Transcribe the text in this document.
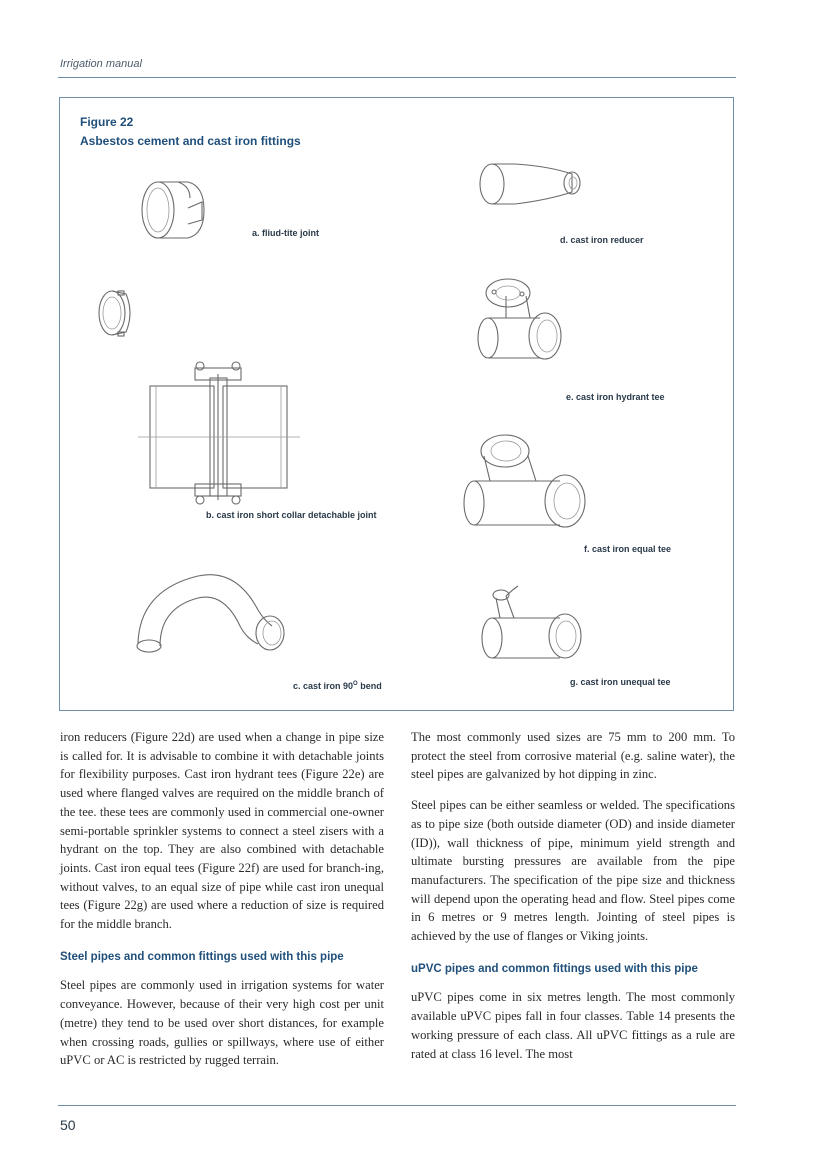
Irrigation manual
Figure 22
Asbestos cement and cast iron fittings
a. fliud-tite joint
b. cast iron short collar detachable joint
c. cast iron $90^O$ bend
d. cast iron reducer
e. cast iron hydrant tee
f. cast iron equal tee
g. cast iron unequal tee

iron reducers (Figure 22d) are used when a change in pipe size is called for. It is advisable to combine it with detachable joints for flexibility purposes. Cast iron hydrant tees (Figure 22e) are used where flanged valves are required on the middle branch of the tee. these tees are commonly used in commercial one-owner semi-portable sprinkler systems to connect a steel zisers with a hydrant on the top. They are also combined with detachable joints. Cast iron equal tees (Figure 22f) are used for branch-ing, without valves, to an equal size of pipe while cast iron unequal tees (Figure 22g) are used where a reduction of size is required for the middle branch.

Steel pipes and common fittings used with this pipe

Steel pipes are commonly used in irrigation systems for water conveyance. However, because of their very high cost per unit (metre) they tend to be used over short distances, for example when crossing roads, gullies or spillways, where use of either uPVC or AC is restricted by rugged terrain.

The most commonly used sizes are 75 mm to 200 mm. To protect the steel from corrosive material (e.g. saline water), the steel pipes are galvanized by hot dipping in zinc.

Steel pipes can be either seamless or welded. The specifications as to pipe size (both outside diameter (OD) and inside diameter (ID)), wall thickness of pipe, minimum yield strength and ultimate bursting pressures are available from the pipe manufacturers. The specification of the pipe size and thickness will depend upon the operating head and flow. Steel pipes come in 6 metres or 9 metres length. Jointing of steel pipes is achieved by the use of flanges or Viking joints.

uPVC pipes and common fittings used with this pipe

uPVC pipes come in six metres length. The most commonly available uPVC pipes fall in four classes. Table 14 presents the working pressure of each class. All uPVC fittings as a rule are rated at class 16 level. The most

50
